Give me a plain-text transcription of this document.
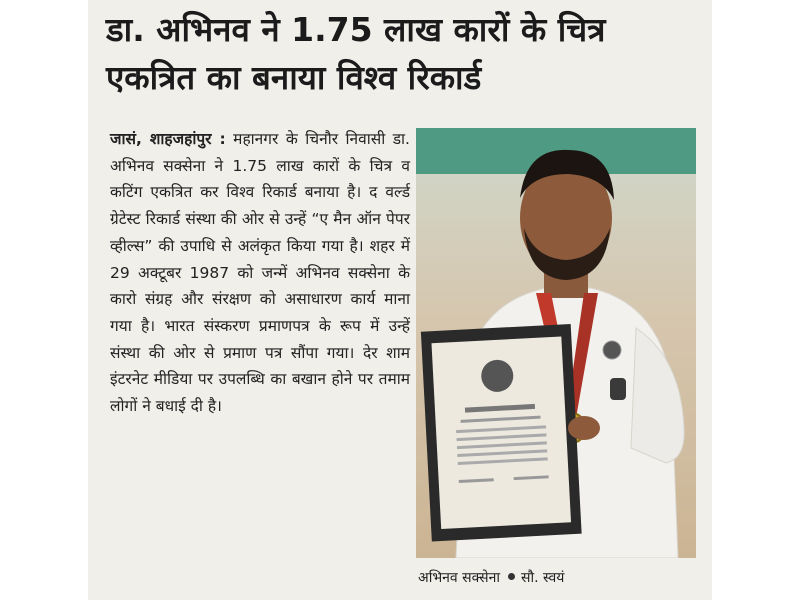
डा. अभिनव ने 1.75 लाख कारों के चित्र
एकत्रित का बनाया विश्व रिकार्ड
जासं, शाहजहांपुर : महानगर के चिनौर निवासी डा. अभिनव सक्सेना ने 1.75 लाख कारों के चित्र व कटिंग एकत्रित कर विश्व रिकार्ड बनाया है। द वर्ल्ड ग्रेटेस्ट रिकार्ड संस्था की ओर से उन्हें “ए मैन ऑन पेपर व्हील्स” की उपाधि से अलंकृत किया गया है। शहर में 29 अक्टूबर 1987 को जन्में अभिनव सक्सेना के कारो संग्रह और संरक्षण को असाधारण कार्य माना गया है। भारत संस्करण प्रमाणपत्र के रूप में उन्हें संस्था की ओर से प्रमाण पत्र सौंपा गया। देर शाम इंटरनेट मीडिया पर उपलब्धि का बखान होने पर तमाम लोगों ने बधाई दी है।
अभिनव सक्सेना सौ. स्वयं
